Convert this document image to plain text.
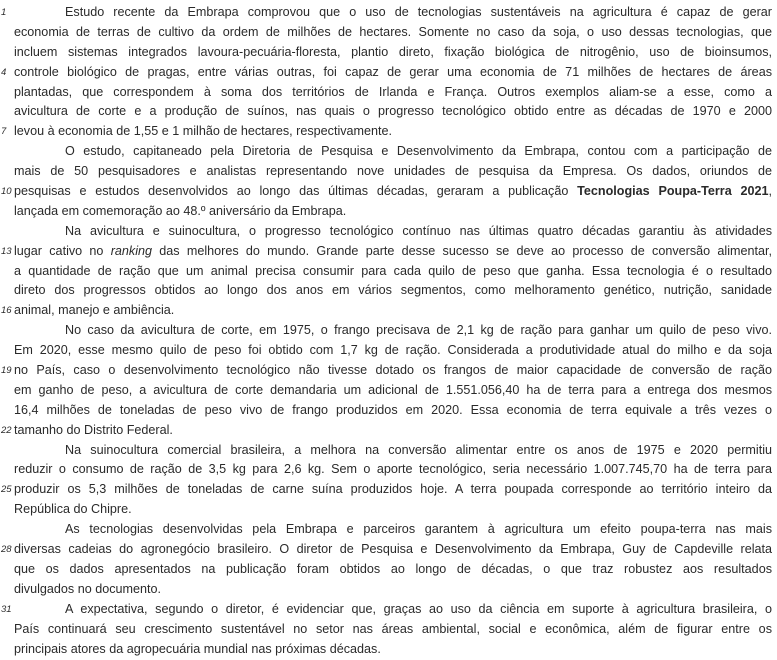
1	Estudo recente da Embrapa comprovou que o uso de tecnologias sustentáveis na agricultura é capaz de gerar
economia de terras de cultivo da ordem de milhões de hectares. Somente no caso da soja, o uso dessas tecnologias, que
incluem sistemas integrados lavoura-pecuária-floresta, plantio direto, fixação biológica de nitrogênio, uso de bioinsumos,
4 controle biológico de pragas, entre várias outras, foi capaz de gerar uma economia de 71 milhões de hectares de áreas
plantadas, que correspondem à soma dos territórios de Irlanda e França. Outros exemplos aliam-se a esse, como a
avicultura de corte e a produção de suínos, nas quais o progresso tecnológico obtido entre as décadas de 1970 e 2000
7 levou à economia de 1,55 e 1 milhão de hectares, respectivamente.
O estudo, capitaneado pela Diretoria de Pesquisa e Desenvolvimento da Embrapa, contou com a participação de
mais de 50 pesquisadores e analistas representando nove unidades de pesquisa da Empresa. Os dados, oriundos de
10 pesquisas e estudos desenvolvidos ao longo das últimas décadas, geraram a publicação Tecnologias Poupa-Terra 2021,
lançada em comemoração ao 48.º aniversário da Embrapa.
Na avicultura e suinocultura, o progresso tecnológico contínuo nas últimas quatro décadas garantiu às atividades
13 lugar cativo no ranking das melhores do mundo. Grande parte desse sucesso se deve ao processo de conversão alimentar,
a quantidade de ração que um animal precisa consumir para cada quilo de peso que ganha. Essa tecnologia é o resultado
direto dos progressos obtidos ao longo dos anos em vários segmentos, como melhoramento genético, nutrição, sanidade
16 animal, manejo e ambiência.
No caso da avicultura de corte, em 1975, o frango precisava de 2,1 kg de ração para ganhar um quilo de peso vivo.
Em 2020, esse mesmo quilo de peso foi obtido com 1,7 kg de ração. Considerada a produtividade atual do milho e da soja
19 no País, caso o desenvolvimento tecnológico não tivesse dotado os frangos de maior capacidade de conversão de ração
em ganho de peso, a avicultura de corte demandaria um adicional de 1.551.056,40 ha de terra para a entrega dos mesmos
16,4 milhões de toneladas de peso vivo de frango produzidos em 2020. Essa economia de terra equivale a três vezes o
22 tamanho do Distrito Federal.
Na suinocultura comercial brasileira, a melhora na conversão alimentar entre os anos de 1975 e 2020 permitiu
reduzir o consumo de ração de 3,5 kg para 2,6 kg. Sem o aporte tecnológico, seria necessário 1.007.745,70 ha de terra para
25 produzir os 5,3 milhões de toneladas de carne suína produzidos hoje. A terra poupada corresponde ao território inteiro da
República do Chipre.
As tecnologias desenvolvidas pela Embrapa e parceiros garantem à agricultura um efeito poupa-terra nas mais
28 diversas cadeias do agronegócio brasileiro. O diretor de Pesquisa e Desenvolvimento da Embrapa, Guy de Capdeville relata
que os dados apresentados na publicação foram obtidos ao longo de décadas, o que traz robustez aos resultados
divulgados no documento.
31	A expectativa, segundo o diretor, é evidenciar que, graças ao uso da ciência em suporte à agricultura brasileira, o
País continuará seu crescimento sustentável no setor nas áreas ambiental, social e econômica, além de figurar entre os
principais atores da agropecuária mundial nas próximas décadas.
